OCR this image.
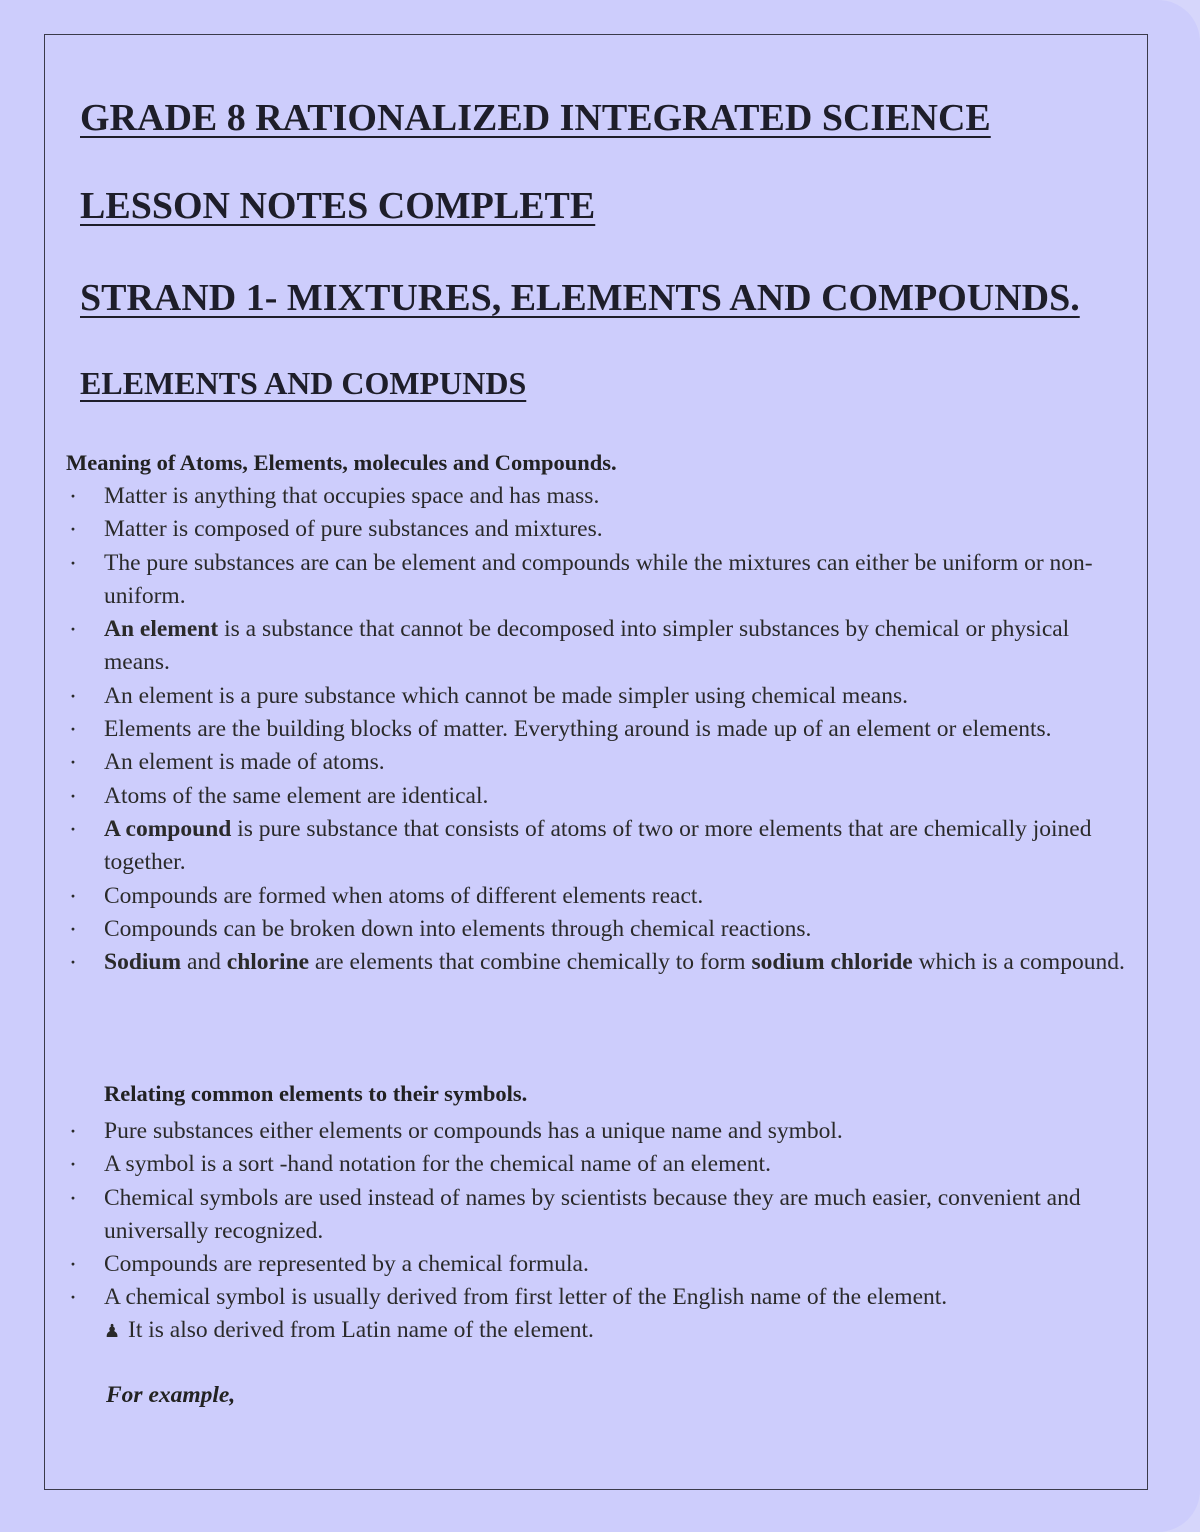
GRADE 8 RATIONALIZED INTEGRATED SCIENCE
LESSON NOTES COMPLETE
STRAND 1- MIXTURES, ELEMENTS AND COMPOUNDS.
ELEMENTS AND COMPUNDS

Meaning of Atoms, Elements, molecules and Compounds.

· Matter is anything that occupies space and has mass.
· Matter is composed of pure substances and mixtures.
· The pure substances are can be element and compounds while the mixtures can either be uniform or non-uniform.
· An element is a substance that cannot be decomposed into simpler substances by chemical or physical means.
· An element is a pure substance which cannot be made simpler using chemical means.
· Elements are the building blocks of matter. Everything around is made up of an element or elements.
· An element is made of atoms.
· Atoms of the same element are identical.
· A compound is pure substance that consists of atoms of two or more elements that are chemically joined together.
· Compounds are formed when atoms of different elements react.
· Compounds can be broken down into elements through chemical reactions.
· Sodium and chlorine are elements that combine chemically to form sodium chloride which is a compound.

Relating common elements to their symbols.

· Pure substances either elements or compounds has a unique name and symbol.
· A symbol is a sort -hand notation for the chemical name of an element.
· Chemical symbols are used instead of names by scientists because they are much easier, convenient and universally recognized.
· Compounds are represented by a chemical formula.
· A chemical symbol is usually derived from first letter of the English name of the element.
♟ It is also derived from Latin name of the element.

For example,
